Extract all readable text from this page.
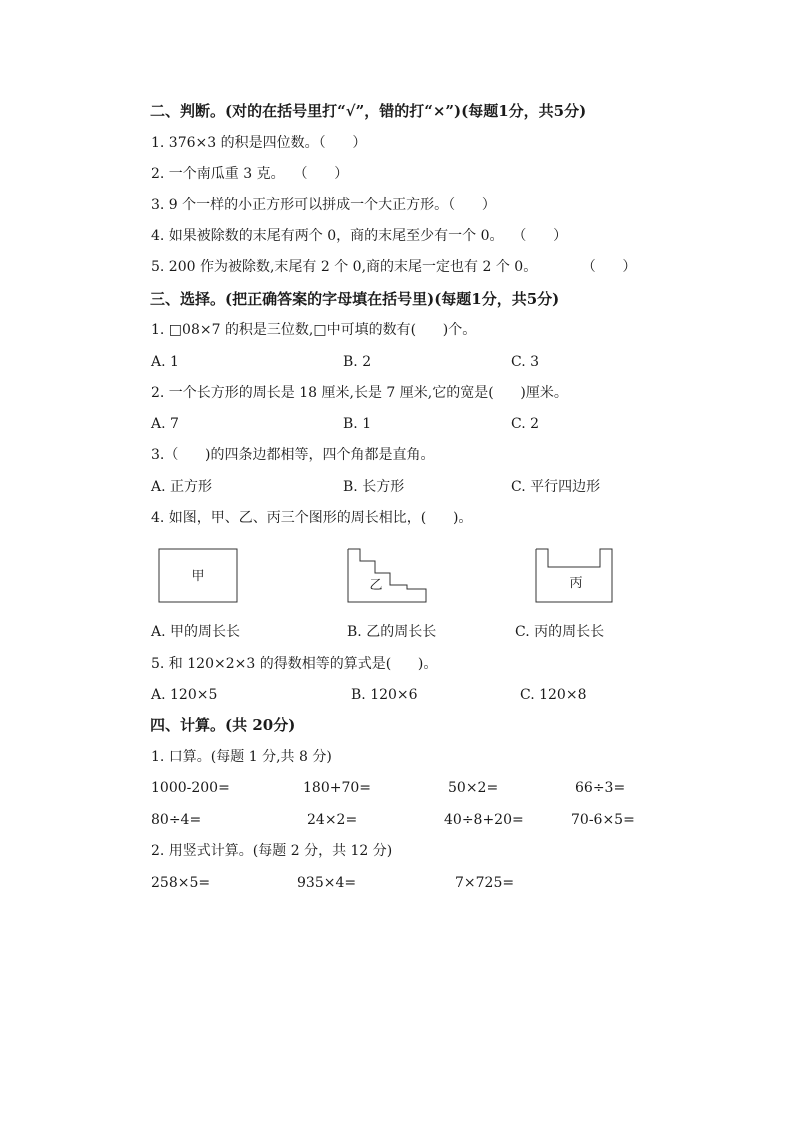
二、判断。(对的在括号里打“√”，错的打“×”)(每题1分，共5分)
1. 376×3 的积是四位数。（      ）
2. 一个南瓜重 3 克。  （      ）
3. 9 个一样的小正方形可以拼成一个大正方形。（      ）
4. 如果被除数的末尾有两个 0，商的末尾至少有一个 0。  （      ）
5. 200 作为被除数,末尾有 2 个 0,商的末尾一定也有 2 个 0。          （      ）
三、选择。(把正确答案的字母填在括号里)(每题1分，共5分)
1. □08×7 的积是三位数,□中可填的数有(      )个。
A. 1	B. 2	C. 3
2. 一个长方形的周长是 18 厘米,长是 7 厘米,它的宽是(      )厘米。
A. 7	B. 1	C. 2
3.（      )的四条边都相等，四个角都是直角。
A. 正方形	B. 长方形	C. 平行四边形
4. 如图，甲、乙、丙三个图形的周长相比，(      )。
甲
乙	丙
A. 甲的周长长	B. 乙的周长长	C. 丙的周长长
5. 和 120×2×3 的得数相等的算式是(      )。
A. 120×5	B. 120×6	C. 120×8
四、计算。(共 20分)
1. 口算。(每题 1 分,共 8 分)
1000-200=	180+70=	50×2=	66÷3=
80÷4=	24×2=	40÷8+20=	70-6×5=
2. 用竖式计算。(每题 2 分，共 12 分)
258×5=	935×4=	7×725=
